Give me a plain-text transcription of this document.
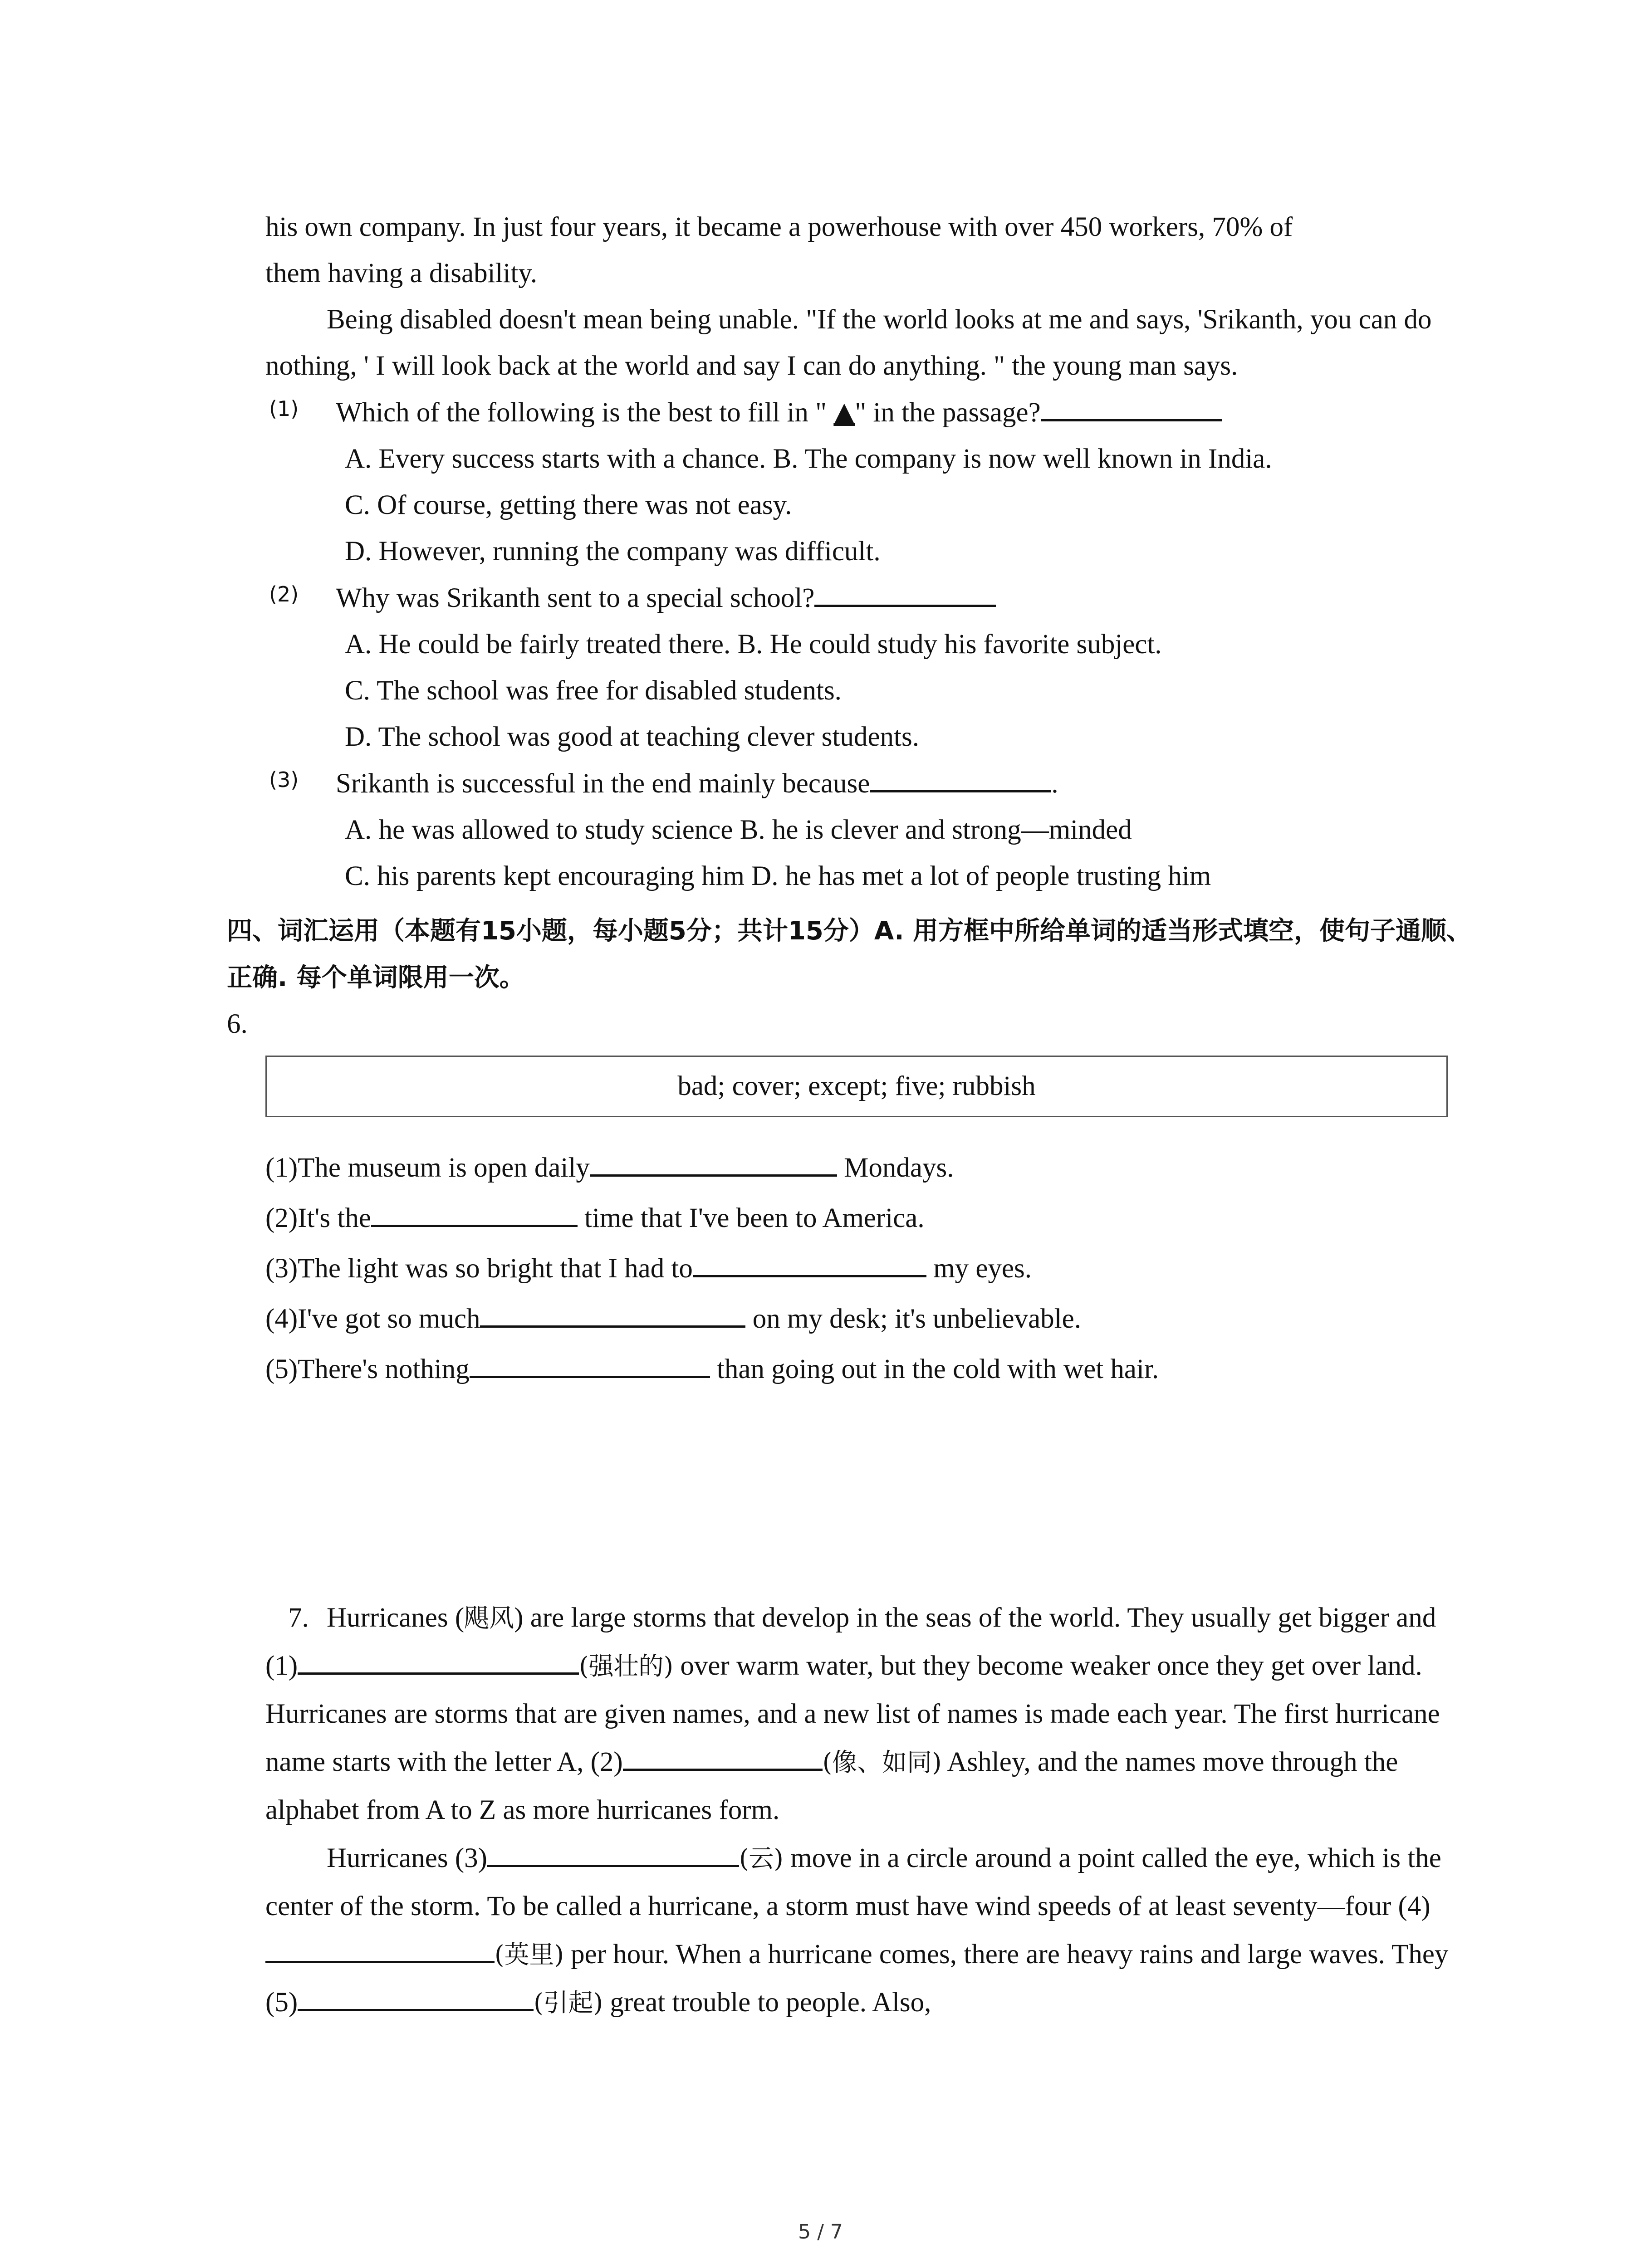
his own company. In just four years, it became a powerhouse with over 450 workers, 70% of

them having a disability.

Being disabled doesn't mean being unable. "If the world looks at me and says, 'Srikanth, you can do nothing, ' I will look back at the world and say I can do anything. " the young man says.

(1) Which of the following is the best to fill in " ▲" in the passage?

A. Every success starts with a chance. B. The company is now well known in India.

C. Of course, getting there was not easy.

D. However, running the company was difficult.

(2) Why was Srikanth sent to a special school?

A. He could be fairly treated there. B. He could study his favorite subject.

C. The school was free for disabled students.

D. The school was good at teaching clever students.

(3) Srikanth is successful in the end mainly because	.

A. he was allowed to study science B. he is clever and strong—minded

C. his parents kept encouraging him D. he has met a lot of people trusting him

四、词汇运用（本题有15小题，每小题5分；共计15分）A. 用方框中所给单词的适当形式填空，使句子通顺、正确. 每个单词限用一次。

6.

bad; cover; except; five; rubbish

(1)The museum is open daily	Mondays.

(2)It's the	time that I've been to America.

(3)The light was so bright that I had to	my eyes.

(4)I've got so much	on my desk; it's unbelievable.

(5)There's nothing	than going out in the cold with wet hair.

7. Hurricanes (飓风) are large storms that develop in the seas of the world. They usually get bigger and (1)	(强壮的) over warm water, but they become weaker once they get over land. Hurricanes are storms that are given names, and a new list of names is made each year. The first hurricane name starts with the letter A, (2)	(像、如同) Ashley, and the names move through the alphabet from A to Z as more hurricanes form.

Hurricanes (3)	(云) move in a circle around a point called the eye, which is the center of the storm. To be called a hurricane, a storm must have wind speeds of at least seventy—four (4)(英里) per hour. When a hurricane comes, there are heavy rains and large waves. They (5)	(引起) great trouble to people. Also,

5 / 7
